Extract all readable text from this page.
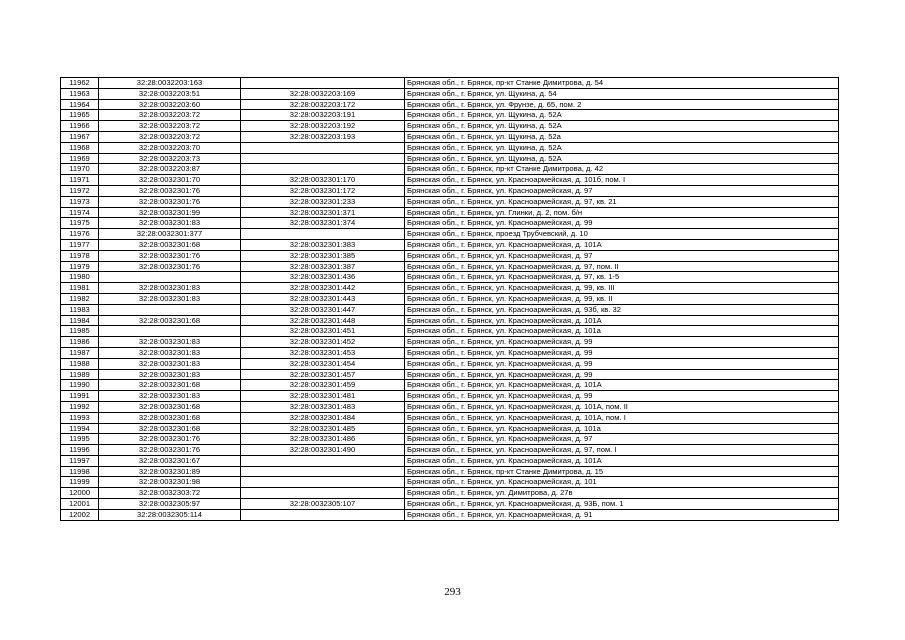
11962	32:28:0032203:163		Брянская обл., г. Брянск, пр-кт Станке Димитрова, д. 54
11963	32:28:0032203:51	32:28:0032203:169	Брянская обл., г. Брянск, ул. Щукина, д. 54
11964	32:28:0032203:60	32:28:0032203:172	Брянская обл., г. Брянск, ул. Фрунзе, д. 65, пом. 2
11965	32:28:0032203:72	32:28:0032203:191	Брянская обл., г. Брянск, ул. Щукина, д. 52А
11966	32:28:0032203:72	32:28:0032203:192	Брянская обл., г. Брянск, ул. Щукина, д. 52А
11967	32:28:0032203:72	32:28:0032203:193	Брянская обл., г. Брянск, ул. Щукина, д. 52а
11968	32:28:0032203:70		Брянская обл., г. Брянск, ул. Щукина, д. 52А
11969	32:28:0032203:73		Брянская обл., г. Брянск, ул. Щукина, д. 52А
11970	32:28:0032203:87		Брянская обл., г. Брянск, пр-кт Станке Димитрова, д. 42
11971	32:28:0032301:70	32:28:0032301:170	Брянская обл., г. Брянск, ул. Красноармейская, д. 101б, пом. I
11972	32:28:0032301:76	32:28:0032301:172	Брянская обл., г. Брянск, ул. Красноармейская, д. 97
11973	32:28:0032301:76	32:28:0032301:233	Брянская обл., г. Брянск, ул. Красноармейская, д. 97, кв. 21
11974	32:28:0032301:99	32:28:0032301:371	Брянская обл., г. Брянск, ул. Глинки, д. 2, пом. б/н
11975	32:28:0032301:83	32:28:0032301:374	Брянская обл., г. Брянск, ул. Красноармейская, д. 99
11976	32:28:0032301:377		Брянская обл., г. Брянск, проезд Трубчевский, д. 10
11977	32:28:0032301:68	32:28:0032301:383	Брянская обл., г. Брянск, ул. Красноармейская, д. 101А
11978	32:28:0032301:76	32:28:0032301:385	Брянская обл., г. Брянск, ул. Красноармейская, д. 97
11979	32:28:0032301:76	32:28:0032301:387	Брянская обл., г. Брянск, ул. Красноармейская, д. 97, пом. II
11980		32:28:0032301:436	Брянская обл., г. Брянск, ул. Красноармейская, д. 97, кв. 1-5
11981	32:28:0032301:83	32:28:0032301:442	Брянская обл., г. Брянск, ул. Красноармейская, д. 99, кв. III
11982	32:28:0032301:83	32:28:0032301:443	Брянская обл., г. Брянск, ул. Красноармейская, д. 99, кв. II
11983		32:28:0032301:447	Брянская обл., г. Брянск, ул. Красноармейская, д. 93б, кв. 32
11984	32:28:0032301:68	32:28:0032301:448	Брянская обл., г. Брянск, ул. Красноармейская, д. 101А
11985		32:28:0032301:451	Брянская обл., г. Брянск, ул. Красноармейская, д. 101а
11986	32:28:0032301:83	32:28:0032301:452	Брянская обл., г. Брянск, ул. Красноармейская, д. 99
11987	32:28:0032301:83	32:28:0032301:453	Брянская обл., г. Брянск, ул. Красноармейская, д. 99
11988	32:28:0032301:83	32:28:0032301:454	Брянская обл., г. Брянск, ул. Красноармейская, д. 99
11989	32:28:0032301:83	32:28:0032301:457	Брянская обл., г. Брянск, ул. Красноармейская, д. 99
11990	32:28:0032301:68	32:28:0032301:459	Брянская обл., г. Брянск, ул. Красноармейская, д. 101А
11991	32:28:0032301:83	32:28:0032301:481	Брянская обл., г. Брянск, ул. Красноармейская, д. 99
11992	32:28:0032301:68	32:28:0032301:483	Брянская обл., г. Брянск, ул. Красноармейская, д. 101А, пом. II
11993	32:28:0032301:68	32:28:0032301:484	Брянская обл., г. Брянск, ул. Красноармейская, д. 101А, пом. I
11994	32:28:0032301:68	32:28:0032301:485	Брянская обл., г. Брянск, ул. Красноармейская, д. 101а
11995	32:28:0032301:76	32:28:0032301:486	Брянская обл., г. Брянск, ул. Красноармейская, д. 97
11996	32:28:0032301:76	32:28:0032301:490	Брянская обл., г. Брянск, ул. Красноармейская, д. 97, пом. I
11997	32:28:0032301:67		Брянская обл., г. Брянск, ул. Красноармейская, д. 101А
11998	32:28:0032301:89		Брянская обл., г. Брянск, пр-кт Станке Димитрова, д. 15
11999	32:28:0032301:98		Брянская обл., г. Брянск, ул. Красноармейская, д. 101
12000	32:28:0032303:72		Брянская обл., г. Брянск, ул. Димитрова, д. 27в
12001	32:28:0032305:97	32:28:0032305:107	Брянская обл., г. Брянск, ул. Красноармейская, д. 93Б, пом. 1
12002	32:28:0032305:114		Брянская обл., г. Брянск, ул. Красноармейская, д. 91
293
